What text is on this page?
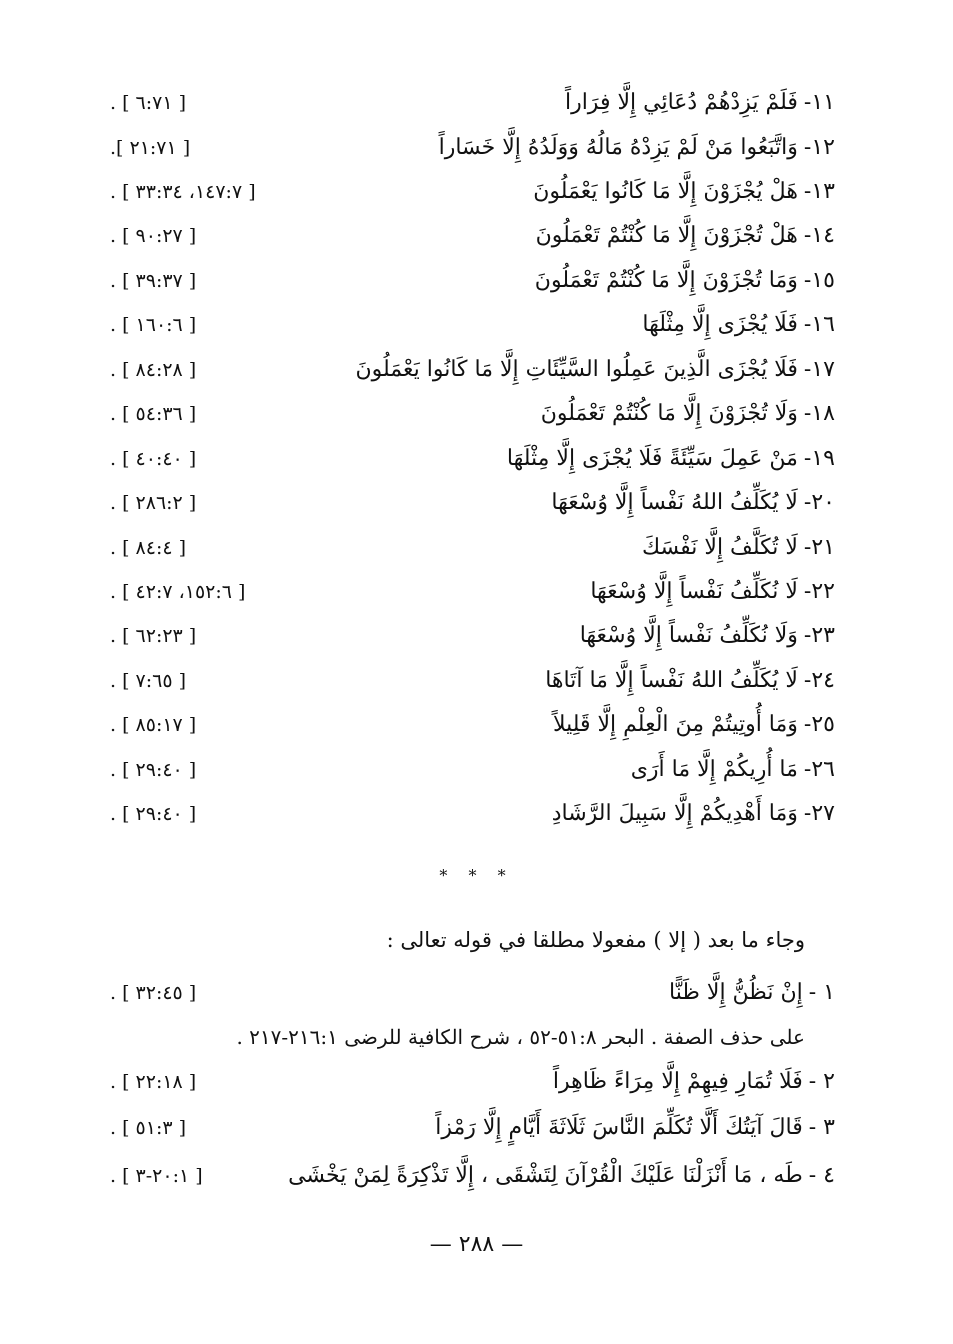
١١-فَلَمْ يَزِدْهُمْ دُعَائِي إِلَّا فِرَاراً
[ ٦:٧١ ] .
١٢-وَاتَّبَعُوا مَنْ لَمْ يَزِدْهُ مَالُهُ وَوَلَدُهُ إِلَّا خَسَاراً
[ ٢١:٧١ ].
١٣-هَلْ يُجْزَوْنَ إِلَّا مَا كَانُوا يَعْمَلُونَ
[ ١٤٧:٧، ٣٣:٣٤ ] .
١٤-هَلْ تُجْزَوْنَ إِلَّا مَا كُنْتُمْ تَعْمَلُونَ
[ ٩٠:٢٧ ] .
١٥-وَمَا تُجْزَوْنَ إِلَّا مَا كُنْتُمْ تَعْمَلُونَ
[ ٣٩:٣٧ ] .
١٦-فَلَا يُجْزَى إِلَّا مِثْلَهَا
[ ١٦٠:٦ ] .
١٧-فَلَا يُجْزَى الَّذِينَ عَمِلُوا السَّيِّئَاتِ إِلَّا مَا كَانُوا يَعْمَلُونَ
[ ٨٤:٢٨ ] .
١٨-وَلَا تُجْزَوْنَ إِلَّا مَا كُنْتُمْ تَعْمَلُونَ
[ ٥٤:٣٦ ] .
١٩-مَنْ عَمِلَ سَيِّئَةً فَلَا يُجْزَى إِلَّا مِثْلَهَا
[ ٤٠:٤٠ ] .
٢٠-لَا يُكَلِّفُ اللهُ نَفْساً إِلَّا وُسْعَهَا
[ ٢٨٦:٢ ] .
٢١-لَا تُكَلَّفُ إِلَّا نَفْسَكَ
[ ٨٤:٤ ] .
٢٢-لَا نُكَلِّفُ نَفْساً إِلَّا وُسْعَهَا
[ ١٥٢:٦، ٤٢:٧ ] .
٢٣-وَلَا نُكَلِّفُ نَفْساً إِلَّا وُسْعَهَا
[ ٦٢:٢٣ ] .
٢٤-لَا يُكَلِّفُ اللهُ نَفْساً إِلَّا مَا آتَاهَا
[ ٧:٦٥ ] .
٢٥-وَمَا أُوتِيتُمْ مِنَ الْعِلْمِ إِلَّا قَلِيلاً
[ ٨٥:١٧ ] .
٢٦-مَا أُرِيكُمْ إِلَّا مَا أَرَى
[ ٢٩:٤٠ ] .
٢٧-وَمَا أَهْدِيكُمْ إِلَّا سَبِيلَ الرَّشَادِ
[ ٢٩:٤٠ ] .
* * *
وجاء ما بعد ( إلا ) مفعولا مطلقا في قوله تعالى :
١ -إِنْ نَظُنُّ إِلَّا ظَنًّا
[ ٣٢:٤٥ ] .
على حذف الصفة . البحر ٥١:٨-٥٢ ، شرح الكافية للرضى ٢١٦:١-٢١٧ .
٢ -فَلَا تُمَارِ فِيهِمْ إِلَّا مِرَاءً ظَاهِراً
[ ٢٢:١٨ ] .
٣ -قَالَ آيَتُكَ أَلَّا تُكَلِّمَ النَّاسَ ثَلَاثَةَ أَيَّامٍ إِلَّا رَمْزاً
[ ٥١:٣ ] .
٤ -طَه ، مَا أَنْزَلْنَا عَلَيْكَ الْقُرْآنَ لِتَشْقَى ، إِلَّا تَذْكِرَةً لِمَنْ يَخْشَى
[ ٢٠:١-٣ ] .
— ٢٨٨ —
